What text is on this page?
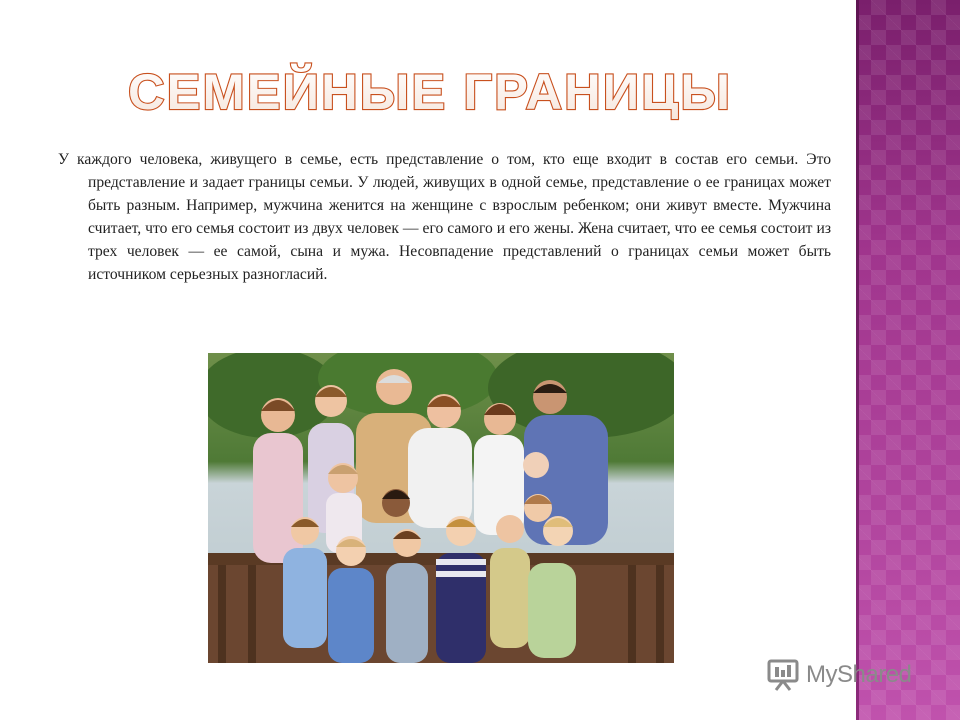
СЕМЕЙНЫЕ ГРАНИЦЫ
У каждого человека, живущего в семье, есть представление о том, кто еще входит в состав его семьи. Это представление и задает границы семьи. У людей, живущих в одной семье, представление о ее границах может быть разным. Например, мужчина женится на женщине с взрослым ребенком; они живут вместе. Мужчина считает, что его семья состоит из двух человек — его самого и его жены. Жена считает, что ее семья состоит из трех человек — ее самой, сына и мужа. Несовпадение представлений о границах семьи может быть источником серьезных разногласий.
MyShared
